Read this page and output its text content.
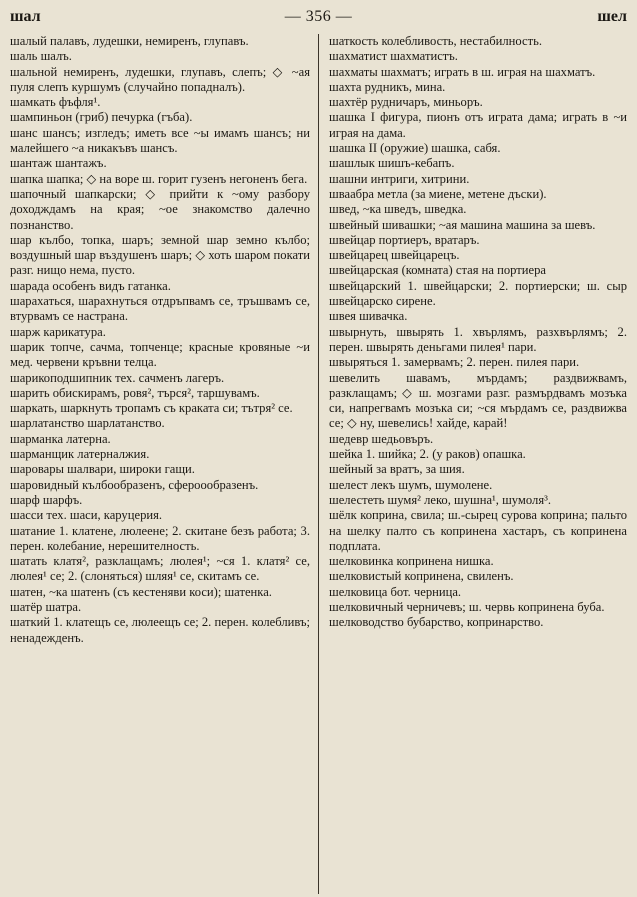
шал	— 356 —	шел

шалый палавъ, лудешки, немиренъ, глупавъ.

шаль шалъ.

шальной немиренъ, лудешки, глупавъ, слепъ; ◇ ~ая пуля слепъ куршумъ (случайно попадналъ).

шамкать фъфля¹.

шампиньон (гриб) печурка (гъба).

шанс шансъ; изгледъ; иметь все ~ы имамъ шансъ; ни малейшего ~а никакъвъ шансъ.

шантаж шантажъ.

шапка шапка; ◇ на воре ш. горит гузенъ негоненъ бега.

шапочный шапкарски; ◇ прийти к ~ому разбору доходждамъ на края; ~ое знакомство далечно познанство.

шар кълбо, топка, шаръ; земной шар земно кълбо; воздушный шар въздушенъ шаръ; ◇ хоть шаром покати разг. нищо нема, пусто.

шарада особенъ видъ гатанка.

шарахаться, шарахнуться отдръпвамъ се, тръшвамъ се, втурвамъ се настрана.

шарж карикатура.

шарик топче, сачма, топченце; красные кровяные ~и мед. червени кръвни телца.

шарикоподшипник тех. сачменъ лагеръ.

шарить обискирамъ, ровя², търся², таршувамъ.

шаркать, шаркнуть тропамъ съ краката си; тътря² се.

шарлатанство шарлатанство.

шарманка латерна.

шарманщик латерналжия.

шаровары шалвари, широки гащи.

шаровидный кълбообразенъ, сфероообразенъ.

шарф шарфъ.

шасси тех. шаси, каруцерия.

шатание 1. клатене, люлеене; 2. скитане безъ работа; 3. перен. колебание, нерешителность.

шатать клатя², разклащамъ; люлея¹; ~ся 1. клатя² се, люлея¹ се; 2. (слоняться) шляя¹ се, скитамъ се.

шатен, ~ка шатенъ (съ кестеняви коси); шатенка.

шатёр шатра.

шаткий 1. клатещъ се, люлеещъ се; 2. перен. колебливъ; ненадежденъ.

шаткость колебливость, нестабилность.

шахматист шахматистъ.

шахматы шахматъ; играть в ш. играя на шахматъ.

шахта рудникъ, мина.

шахтёр рудничаръ, миньоръ.

шашка I фигура, пионъ отъ играта дама; играть в ~и играя на дама.

шашка II (оружие) шашка, сабя.

шашлык шишъ-кебапъ.

шашни интриги, хитрини.

шваабра метла (за миене, метене дъски).

швед, ~ка шведъ, шведка.

швейный шивашки; ~ая машина машина за шевъ.

швейцар портиеръ, вратаръ.

швейцарец швейцарецъ.

швейцарская (комната) стая на портиера

швейцарский 1. швейцарски; 2. портиерски; ш. сыр швейцарско сирене.

швея шивачка.

швырнуть, швырять 1. хвърлямъ, разхвърлямъ; 2. перен. швырять деньгами пилея¹ пари.

швыряться 1. замервамъ; 2. перен. пилея пари.

шевелить шавамъ, мърдамъ; раздвижвамъ, разклащамъ; ◇ ш. мозгами разг. размърдвамъ мозъка си, напрегвамъ мозъка си; ~ся мърдамъ се, раздвижва се; ◇ ну, шевелись! хайде, карай!

шедевр шедьовъръ.

шейка 1. шийка; 2. (у раков) опашка.

шейный за вратъ, за шия.

шелест лекъ шумъ, шумолене.

шелестеть шумя² леко, шушна¹, шумоля³.

шёлк коприна, свила; ш.-сырец сурова коприна; пальто на шелку палто съ копринена хастаръ, съ копринена подплата.

шелковинка копринена нишка.

шелковистый копринена, свиленъ.

шелковица бот. черница.

шелковичный черничевъ; ш. червь копринена буба.

шелководство бубарство, копринарство.
